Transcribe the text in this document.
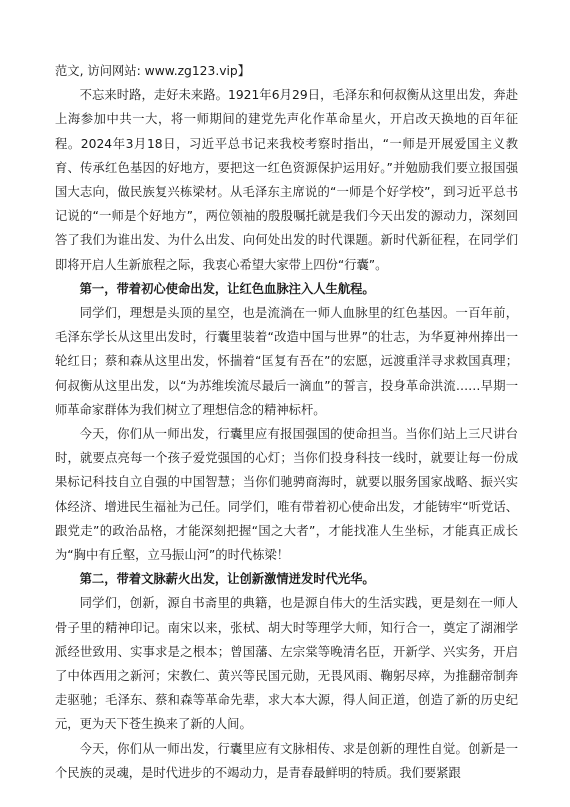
范文, 访问网站: www.zg123.vip】

不忘来时路，走好未来路。1921年6月29日，毛泽东和何叔衡从这里出发，奔赴上海参加中共一大，将一师期间的建党先声化作革命星火，开启改天换地的百年征程。2024年3月18日，习近平总书记来我校考察时指出，“一师是开展爱国主义教育、传承红色基因的好地方，要把这一红色资源保护运用好。”并勉励我们要立报国强国大志向，做民族复兴栋梁材。从毛泽东主席说的“一师是个好学校”，到习近平总书记说的“一师是个好地方”，两位领袖的殷殷嘱托就是我们今天出发的源动力，深刻回答了我们为谁出发、为什么出发、向何处出发的时代课题。新时代新征程，在同学们即将开启人生新旅程之际，我衷心希望大家带上四份“行囊”。

第一，带着初心使命出发，让红色血脉注入人生航程。

同学们，理想是头顶的星空，也是流淌在一师人血脉里的红色基因。一百年前，毛泽东学长从这里出发时，行囊里装着“改造中国与世界”的壮志，为华夏神州捧出一轮红日；蔡和森从这里出发，怀揣着“匡复有吾在”的宏愿，远渡重洋寻求救国真理；何叔衡从这里出发，以“为苏维埃流尽最后一滴血”的誓言，投身革命洪流……早期一师革命家群体为我们树立了理想信念的精神标杆。

今天，你们从一师出发，行囊里应有报国强国的使命担当。当你们站上三尺讲台时，就要点亮每一个孩子爱党强国的心灯；当你们投身科技一线时，就要让每一份成果标记科技自立自强的中国智慧；当你们驰骋商海时，就要以服务国家战略、振兴实体经济、增进民生福祉为己任。同学们，唯有带着初心使命出发，才能铸牢“听党话、跟党走”的政治品格，才能深刻把握“国之大者”，才能找准人生坐标，才能真正成长为“胸中有丘壑，立马振山河”的时代栋梁！

第二，带着文脉薪火出发，让创新激情迸发时代光华。

同学们，创新，源自书斋里的典籍，也是源自伟大的生活实践，更是刻在一师人骨子里的精神印记。南宋以来，张栻、胡大时等理学大师，知行合一，奠定了湖湘学派经世致用、实事求是之根本；曾国藩、左宗棠等晚清名臣，开新学、兴实务，开启了中体西用之新河；宋教仁、黄兴等民国元勋，无畏风雨、鞠躬尽瘁，为推翻帝制奔走驱驰；毛泽东、蔡和森等革命先辈，求大本大源，得人间正道，创造了新的历史纪元，更为天下苍生换来了新的人间。

今天，你们从一师出发，行囊里应有文脉相传、求是创新的理性自觉。创新是一个民族的灵魂，是时代进步的不竭动力，是青春最鲜明的特质。我们要紧跟
